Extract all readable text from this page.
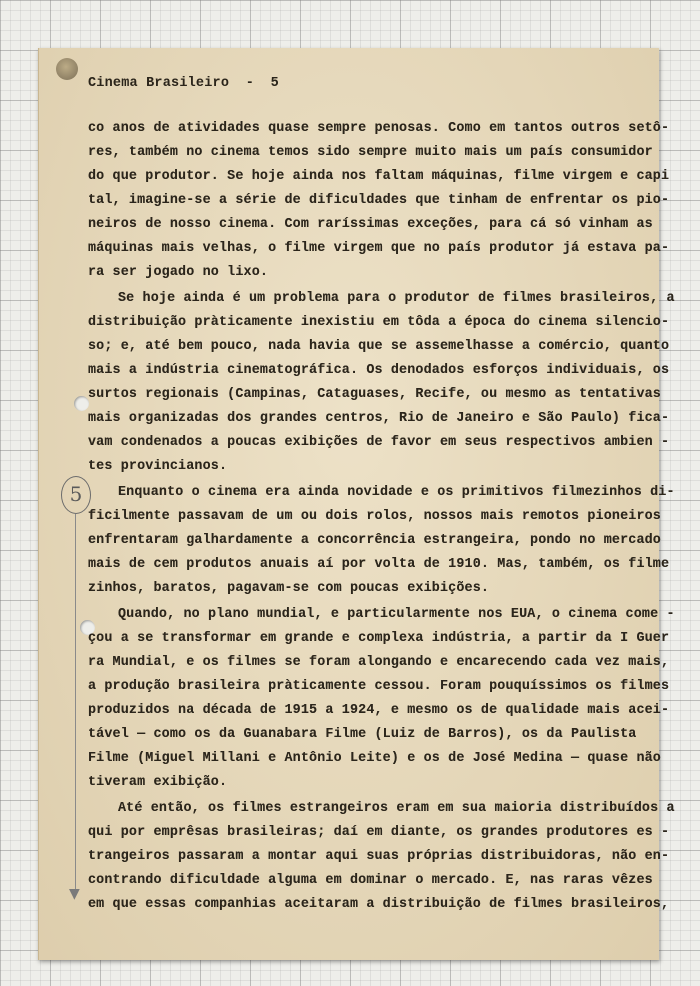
5
▼
Cinema Brasileiro - 5

co anos de atividades quase sempre penosas. Como em tantos outros setô-

res, também no cinema temos sido sempre muito mais um país consumidor

do que produtor. Se hoje ainda nos faltam máquinas, filme virgem e capi

tal, imagine-se a série de dificuldades que tinham de enfrentar os pio-

neiros de nosso cinema. Com raríssimas exceções, para cá só vinham as

máquinas mais velhas, o filme virgem que no país produtor já estava pa-

ra ser jogado no lixo.

Se hoje ainda é um problema para o produtor de filmes brasileiros, a

distribuição pràticamente inexistiu em tôda a época do cinema silencio-

so; e, até bem pouco, nada havia que se assemelhasse a comércio, quanto

mais a indústria cinematográfica. Os denodados esforços individuais, os

surtos regionais (Campinas, Cataguases, Recife, ou mesmo as tentativas

mais organizadas dos grandes centros, Rio de Janeiro e São Paulo) fica-

vam condenados a poucas exibições de favor em seus respectivos ambien -

tes provincianos.

Enquanto o cinema era ainda novidade e os primitivos filmezinhos di-

ficilmente passavam de um ou dois rolos, nossos mais remotos pioneiros

enfrentaram galhardamente a concorrência estrangeira, pondo no mercado

mais de cem produtos anuais aí por volta de 1910. Mas, também, os filme

zinhos, baratos, pagavam-se com poucas exibições.

Quando, no plano mundial, e particularmente nos EUA, o cinema come -

çou a se transformar em grande e complexa indústria, a partir da I Guer

ra Mundial, e os filmes se foram alongando e encarecendo cada vez mais,

a produção brasileira pràticamente cessou. Foram pouquíssimos os filmes

produzidos na década de 1915 a 1924, e mesmo os de qualidade mais acei-

tável — como os da Guanabara Filme (Luiz de Barros), os da Paulista

Filme (Miguel Millani e Antônio Leite) e os de José Medina — quase não

tiveram exibição.

Até então, os filmes estrangeiros eram em sua maioria distribuídos a

qui por emprêsas brasileiras; daí em diante, os grandes produtores es -

trangeiros passaram a montar aqui suas próprias distribuidoras, não en-

contrando dificuldade alguma em dominar o mercado. E, nas raras vêzes

em que essas companhias aceitaram a distribuição de filmes brasileiros,
